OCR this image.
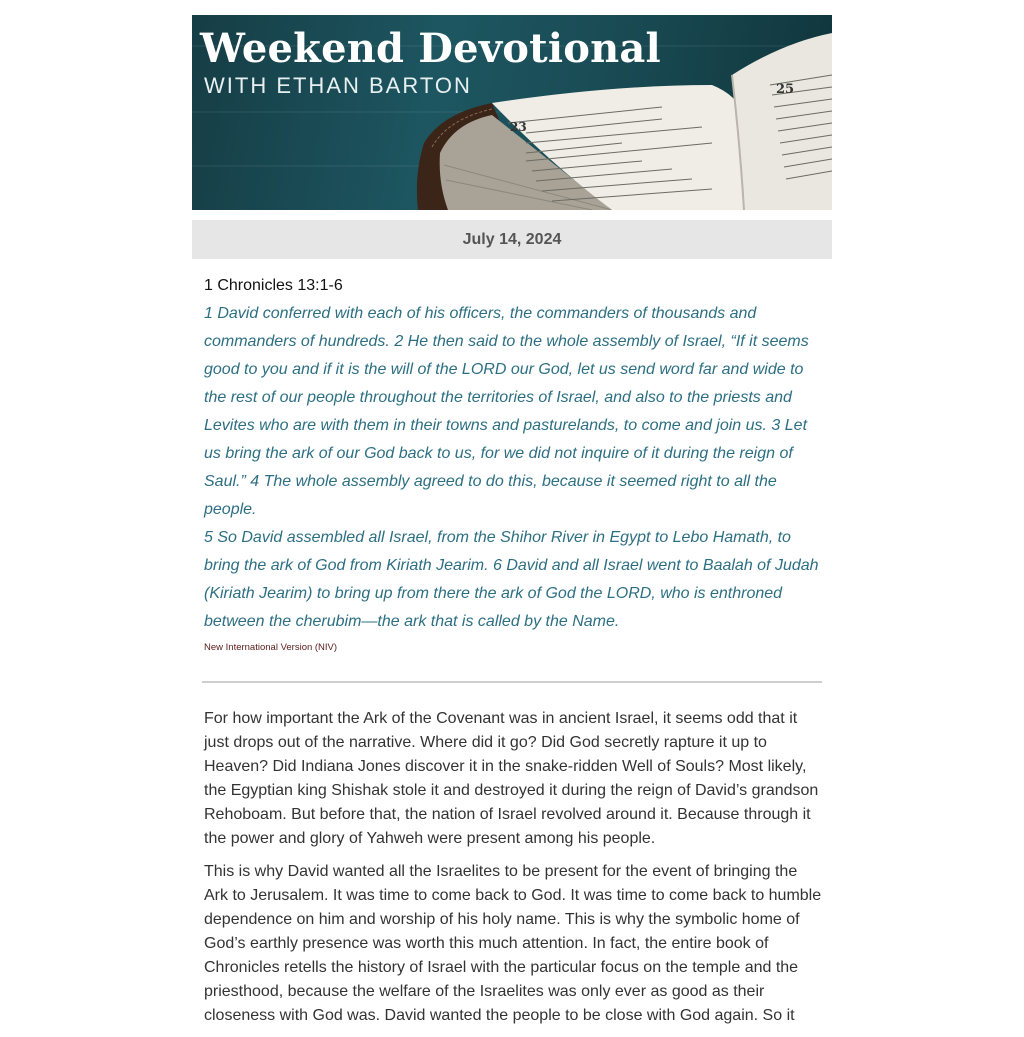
23
25
Weekend Devotional
WITH ETHAN BARTON
July 14, 2024
1 Chronicles 13:1-6

1 David conferred with each of his officers, the commanders of thousands and commanders of hundreds. 2 He then said to the whole assembly of Israel, “If it seems good to you and if it is the will of the LORD our God, let us send word far and wide to the rest of our people throughout the territories of Israel, and also to the priests and Levites who are with them in their towns and pasturelands, to come and join us. 3 Let us bring the ark of our God back to us, for we did not inquire of it during the reign of Saul.” 4 The whole assembly agreed to do this, because it seemed right to all the people.

5 So David assembled all Israel, from the Shihor River in Egypt to Lebo Hamath, to bring the ark of God from Kiriath Jearim. 6 David and all Israel went to Baalah of Judah (Kiriath Jearim) to bring up from there the ark of God the LORD, who is enthroned between the cherubim—the ark that is called by the Name.

New International Version (NIV)

For how important the Ark of the Covenant was in ancient Israel, it seems odd that it just drops out of the narrative. Where did it go? Did God secretly rapture it up to Heaven? Did Indiana Jones discover it in the snake-ridden Well of Souls? Most likely, the Egyptian king Shishak stole it and destroyed it during the reign of David’s grandson Rehoboam. But before that, the nation of Israel revolved around it. Because through it the power and glory of Yahweh were present among his people.

This is why David wanted all the Israelites to be present for the event of bringing the Ark to Jerusalem. It was time to come back to God. It was time to come back to humble dependence on him and worship of his holy name. This is why the symbolic home of God’s earthly presence was worth this much attention. In fact, the entire book of Chronicles retells the history of Israel with the particular focus on the temple and the priesthood, because the welfare of the Israelites was only ever as good as their closeness with God was. David wanted the people to be close with God again. So it
